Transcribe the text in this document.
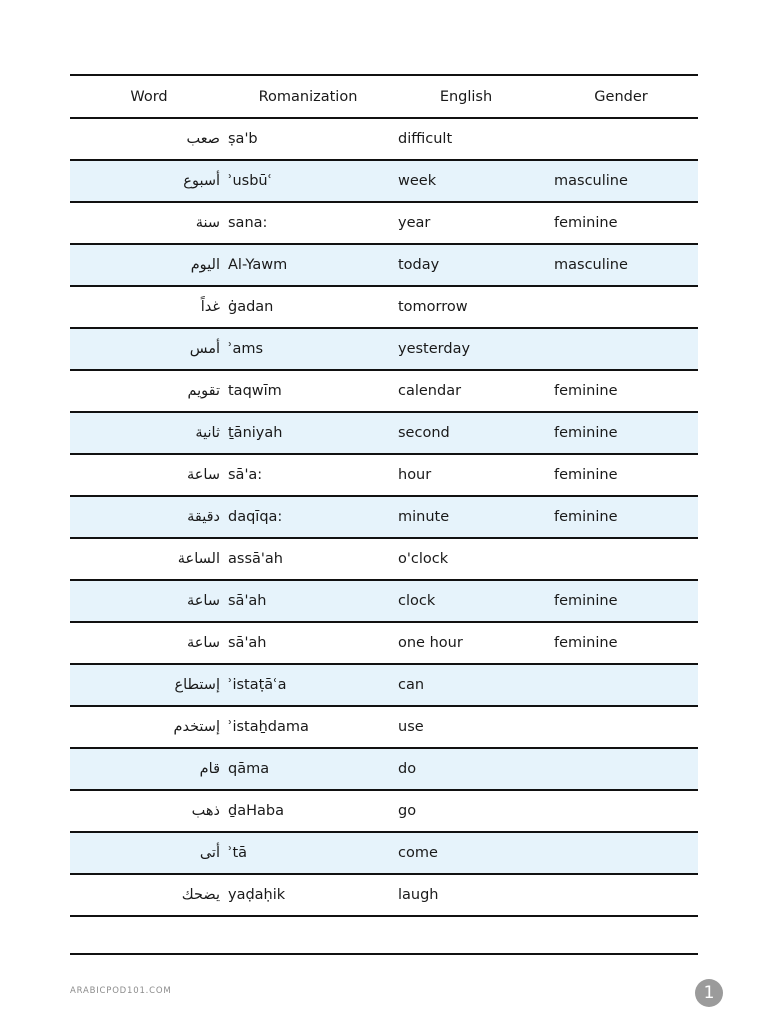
Word	Romanization	English	Gender
صعب	ṣa'b	difficult	
أسبوع	ʾusbūʿ	week	masculine
سنة	sana:	year	feminine
اليوم	Al-Yawm	today	masculine
غداً	ġadan	tomorrow	
أمس	ʾams	yesterday	
تقويم	taqwīm	calendar	feminine
ثانية	ṯāniyah	second	feminine
ساعة	sā'a:	hour	feminine
دقيقة	daqīqa:	minute	feminine
الساعة	assā'ah	o'clock	
ساعة	sā'ah	clock	feminine
ساعة	sā'ah	one hour	feminine
إستطاع	ʾistaṭāʿa	can	
إستخدم	ʾistaẖdama	use	
قام	qāma	do	
ذهب	ḏaHaba	go	
أتى	ʾtā	come	
يضحك	yaḍaḥik	laugh	

ARABICPOD101.COM	1
